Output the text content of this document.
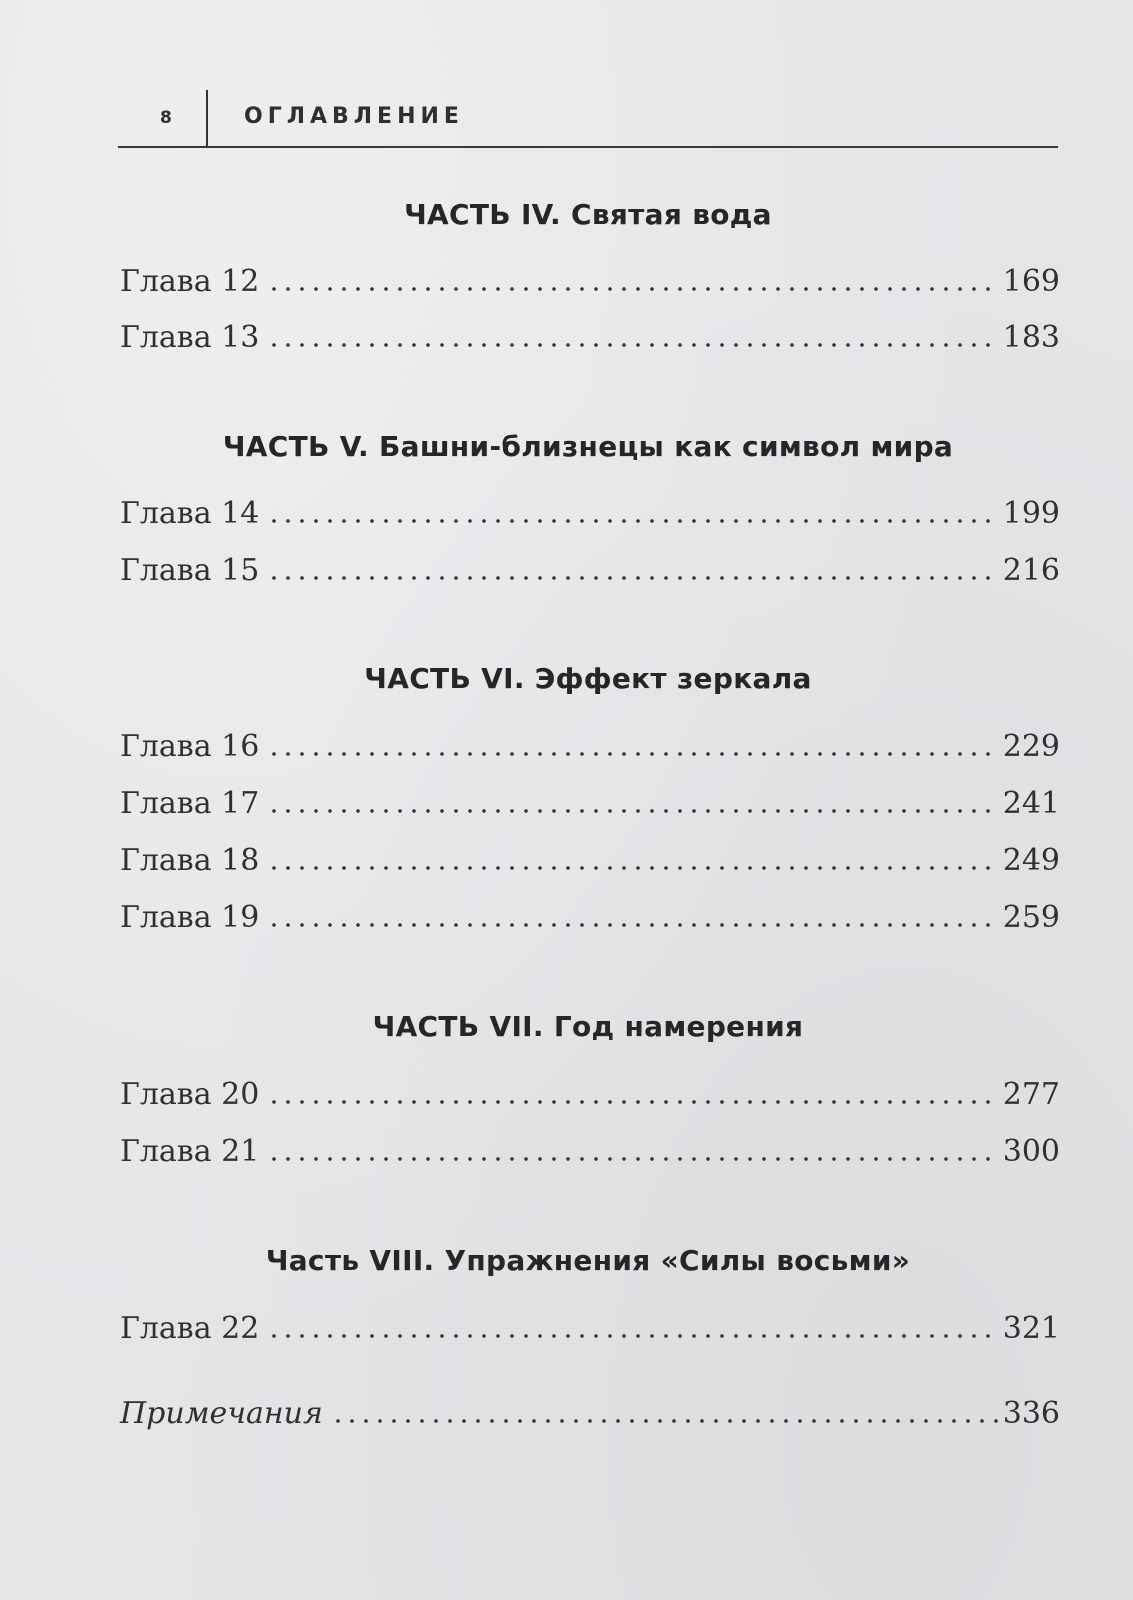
8	ОГЛАВЛЕНИЕ
ЧАСТЬ IV. Святая вода
Глава 12	169
Глава 13	183
ЧАСТЬ V. Башни-близнецы как символ мира
Глава 14	199
Глава 15	216
ЧАСТЬ VI. Эффект зеркала
Глава 16	229
Глава 17	241
Глава 18	249
Глава 19	259
ЧАСТЬ VII. Год намерения
Глава 20	277
Глава 21	300
Часть VIII. Упражнения «Силы восьми»
Глава 22	321
Примечания	336
